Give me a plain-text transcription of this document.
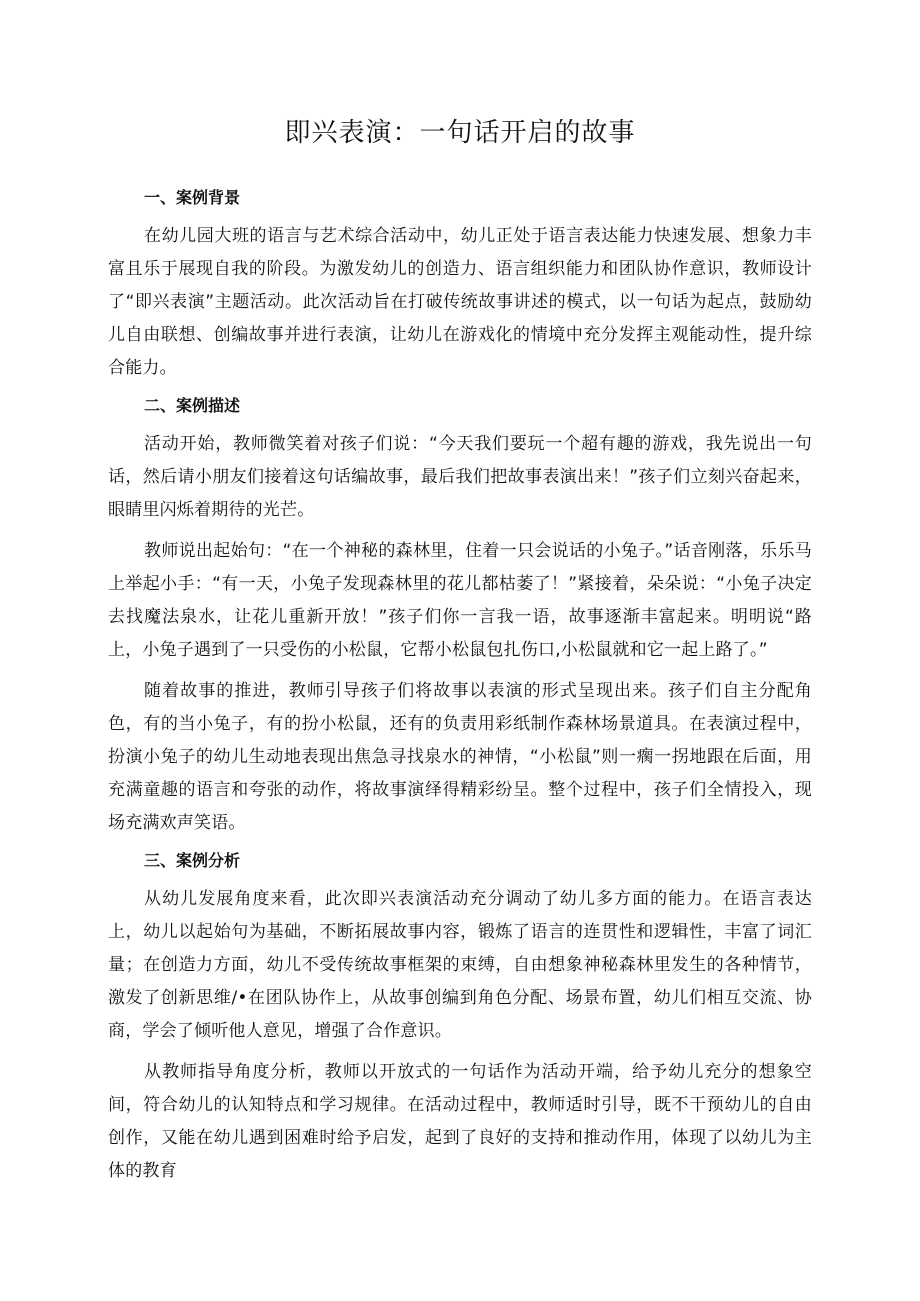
即兴表演：一句话开启的故事
一、案例背景

在幼儿园大班的语言与艺术综合活动中，幼儿正处于语言表达能力快速发展、想象力丰富且乐于展现自我的阶段。为激发幼儿的创造力、语言组织能力和团队协作意识，教师设计了“即兴表演”主题活动。此次活动旨在打破传统故事讲述的模式，以一句话为起点，鼓励幼儿自由联想、创编故事并进行表演，让幼儿在游戏化的情境中充分发挥主观能动性，提升综合能力。

二、案例描述

活动开始，教师微笑着对孩子们说：“今天我们要玩一个超有趣的游戏，我先说出一句话，然后请小朋友们接着这句话编故事，最后我们把故事表演出来！”孩子们立刻兴奋起来，眼睛里闪烁着期待的光芒。

教师说出起始句：“在一个神秘的森林里，住着一只会说话的小兔子。”话音刚落，乐乐马上举起小手：“有一天，小兔子发现森林里的花儿都枯萎了！”紧接着，朵朵说：“小兔子决定去找魔法泉水，让花儿重新开放！”孩子们你一言我一语，故事逐渐丰富起来。明明说“路上，小兔子遇到了一只受伤的小松鼠，它帮小松鼠包扎伤口,小松鼠就和它一起上路了。”

随着故事的推进，教师引导孩子们将故事以表演的形式呈现出来。孩子们自主分配角色，有的当小兔子，有的扮小松鼠，还有的负责用彩纸制作森林场景道具。在表演过程中，扮演小兔子的幼儿生动地表现出焦急寻找泉水的神情，“小松鼠”则一瘸一拐地跟在后面，用充满童趣的语言和夸张的动作，将故事演绎得精彩纷呈。整个过程中，孩子们全情投入，现场充满欢声笑语。

三、案例分析

从幼儿发展角度来看，此次即兴表演活动充分调动了幼儿多方面的能力。在语言表达上，幼儿以起始句为基础，不断拓展故事内容，锻炼了语言的连贯性和逻辑性，丰富了词汇量；在创造力方面，幼儿不受传统故事框架的束缚，自由想象神秘森林里发生的各种情节，激发了创新思维/•在团队协作上，从故事创编到角色分配、场景布置，幼儿们相互交流、协商，学会了倾听他人意见，增强了合作意识。

从教师指导角度分析，教师以开放式的一句话作为活动开端，给予幼儿充分的想象空间，符合幼儿的认知特点和学习规律。在活动过程中，教师适时引导，既不干预幼儿的自由创作，又能在幼儿遇到困难时给予启发，起到了良好的支持和推动作用，体现了以幼儿为主体的教育
